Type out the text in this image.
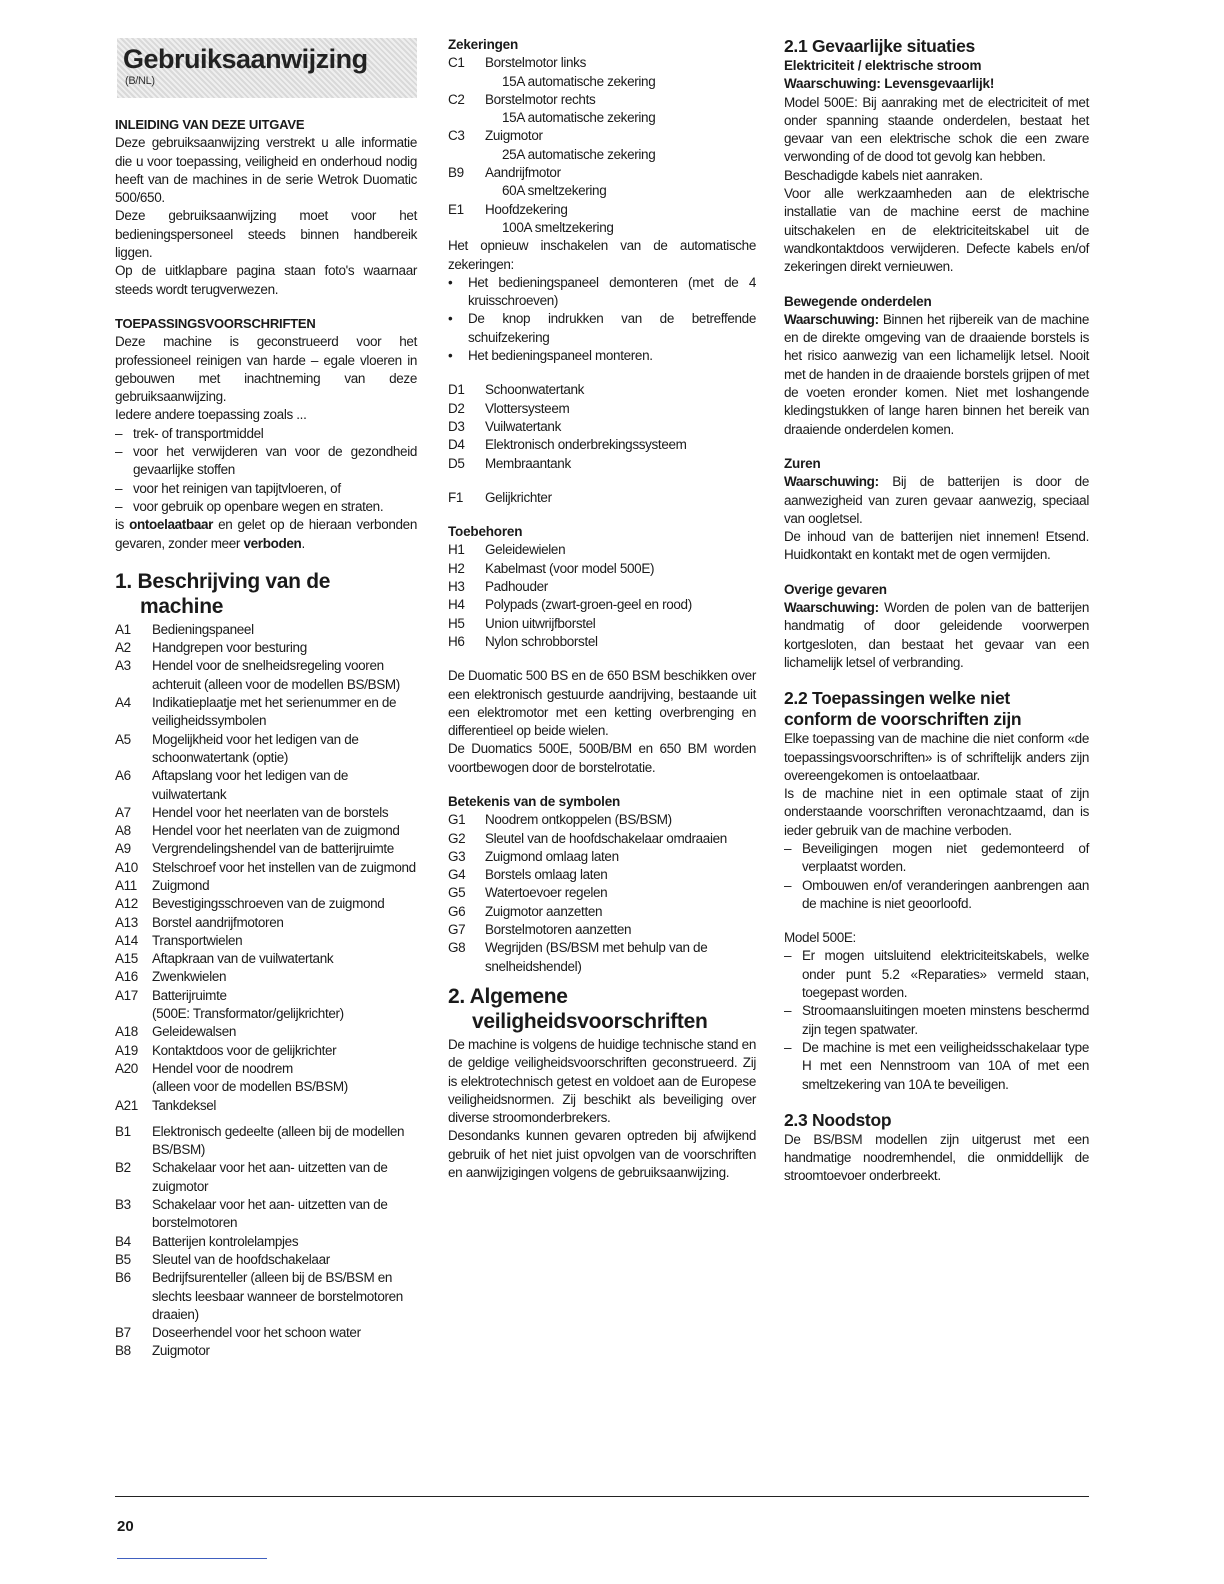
Gebruiksaanwijzing
(B/NL)
INLEIDING VAN DEZE UITGAVE

Deze gebruiksaanwijzing verstrekt u alle informatie die u voor toepassing, veiligheid en onderhoud nodig heeft van de machines in de serie Wetrok Duomatic 500/650.

Deze gebruiksaanwijzing moet voor het bedieningspersoneel steeds binnen handbereik liggen.

Op de uitklapbare pagina staan foto's waarnaar steeds wordt terugverwezen.

TOEPASSINGSVOORSCHRIFTEN

Deze machine is geconstrueerd voor het professioneel reinigen van harde – egale vloeren in gebouwen met inachtneming van deze gebruiksaanwijzing.

Iedere andere toepassing zoals ...

– trek- of transportmiddel
– voor het verwijderen van voor de gezondheid gevaarlijke stoffen
– voor het reinigen van tapijtvloeren, of
– voor gebruik op openbare wegen en straten.

is ontoelaatbaar en gelet op de hieraan verbonden gevaren, zonder meer verboden.

1. Beschrijving van de
machine
A1	Bedieningspaneel
A2	Handgrepen voor besturing
A3	Hendel voor de snelheidsregeling vooren achteruit (alleen voor de modellen BS/BSM)
A4	Indikatieplaatje met het serienummer en de veiligheidssymbolen
A5	Mogelijkheid voor het ledigen van de schoonwatertank (optie)
A6	Aftapslang voor het ledigen van de vuilwatertank
A7	Hendel voor het neerlaten van de borstels
A8	Hendel voor het neerlaten van de zuigmond
A9	Vergrendelingshendel van de batterijruimte
A10	Stelschroef voor het instellen van de zuigmond
A11	Zuigmond
A12	Bevestigingsschroeven van de zuigmond
A13	Borstel aandrijfmotoren
A14	Transportwielen
A15	Aftapkraan van de vuilwatertank
A16	Zwenkwielen
A17	Batterijruimte
(500E: Transformator/gelijkrichter)
A18	Geleidewalsen
A19	Kontaktdoos voor de gelijkrichter
A20	Hendel voor de noodrem
(alleen voor de modellen BS/BSM)
A21	Tankdeksel
B1	Elektronisch gedeelte (alleen bij de modellen BS/BSM)
B2	Schakelaar voor het aan- uitzetten van de zuigmotor
B3	Schakelaar voor het aan- uitzetten van de borstelmotoren
B4	Batterijen kontrolelampjes
B5	Sleutel van de hoofdschakelaar
B6	Bedrijfsurenteller (alleen bij de BS/BSM en slechts leesbaar wanneer de borstelmotoren draaien)
B7	Doseerhendel voor het schoon water
B8	Zuigmotor
Zekeringen
C1	Borstelmotor links
15A automatische zekering
C2	Borstelmotor rechts
15A automatische zekering
C3	Zuigmotor
25A automatische zekering
B9	Aandrijfmotor
60A smeltzekering
E1	Hoofdzekering
100A smeltzekering

Het opnieuw inschakelen van de automatische zekeringen:

•	Het bedieningspaneel demonteren (met de 4 kruisschroeven)
•	De knop indrukken van de betreffende schuifzekering
•	Het bedieningspaneel monteren.
D1	Schoonwatertank
D2	Vlottersysteem
D3	Vuilwatertank
D4	Elektronisch onderbrekingssysteem
D5	Membraantank
F1	Gelijkrichter
Toebehoren
H1	Geleidewielen
H2	Kabelmast (voor model 500E)
H3	Padhouder
H4	Polypads (zwart-groen-geel en rood)
H5	Union uitwrijfborstel
H6	Nylon schrobborstel

De Duomatic 500 BS en de 650 BSM beschikken over een elektronisch gestuurde aandrijving, bestaande uit een elektromotor met een ketting overbrenging en differentieel op beide wielen.

De Duomatics 500E, 500B/BM en 650 BM worden voortbewogen door de borstelrotatie.

Betekenis van de symbolen
G1	Noodrem ontkoppelen (BS/BSM)
G2	Sleutel van de hoofdschakelaar omdraaien
G3	Zuigmond omlaag laten
G4	Borstels omlaag laten
G5	Watertoevoer regelen
G6	Zuigmotor aanzetten
G7	Borstelmotoren aanzetten
G8	Wegrijden (BS/BSM met behulp van de snelheidshendel)
2. Algemene
veiligheidsvoorschriften

De machine is volgens de huidige technische stand en de geldige veiligheidsvoorschriften geconstrueerd. Zij is elektrotechnisch getest en voldoet aan de Europese veiligheidsnormen. Zij beschikt als beveiliging over diverse stroomonderbrekers.

Desondanks kunnen gevaren optreden bij afwijkend gebruik of het niet juist opvolgen van de voorschriften en aanwijzigingen volgens de gebruiksaanwijzing.

2.1 Gevaarlijke situaties
Elektriciteit / elektrische stroom
Waarschuwing: Levensgevaarlijk!

Model 500E: Bij aanraking met de electriciteit of met onder spanning staande onderdelen, bestaat het gevaar van een elektrische schok die een zware verwonding of de dood tot gevolg kan hebben.

Beschadigde kabels niet aanraken.

Voor alle werkzaamheden aan de elektrische installatie van de machine eerst de machine uitschakelen en de elektriciteitskabel uit de wandkontaktdoos verwijderen. Defecte kabels en/of zekeringen direkt vernieuwen.

Bewegende onderdelen

Waarschuwing: Binnen het rijbereik van de machine en de direkte omgeving van de draaiende borstels is het risico aanwezig van een lichamelijk letsel. Nooit met de handen in de draaiende borstels grijpen of met de voeten eronder komen. Niet met loshangende kledingstukken of lange haren binnen het bereik van draaiende onderdelen komen.

Zuren

Waarschuwing: Bij de batterijen is door de aanwezigheid van zuren gevaar aanwezig, speciaal van oogletsel.

De inhoud van de batterijen niet innemen! Etsend. Huidkontakt en kontakt met de ogen vermijden.

Overige gevaren

Waarschuwing: Worden de polen van de batterijen handmatig of door geleidende voorwerpen kortgesloten, dan bestaat het gevaar van een lichamelijk letsel of verbranding.

2.2 Toepassingen welke niet
conform de voorschriften zijn

Elke toepassing van de machine die niet conform «de toepassingsvoorschriften» is of schriftelijk anders zijn overeengekomen is ontoelaatbaar.

Is de machine niet in een optimale staat of zijn onderstaande voorschriften veronachtzaamd, dan is ieder gebruik van de machine verboden.

– Beveiligingen mogen niet gedemonteerd of verplaatst worden.
– Ombouwen en/of veranderingen aanbrengen aan de machine is niet geoorloofd.

Model 500E:

– Er mogen uitsluitend elektriciteitskabels, welke onder punt 5.2 «Reparaties» vermeld staan, toegepast worden.
– Stroomaansluitingen moeten minstens beschermd zijn tegen spatwater.
– De machine is met een veiligheidsschakelaar type H met een Nennstroom van 10A of met een smeltzekering van 10A te beveiligen.
2.3 Noodstop

De BS/BSM modellen zijn uitgerust met een handmatige noodremhendel, die onmiddellijk de stroomtoevoer onderbreekt.

20
